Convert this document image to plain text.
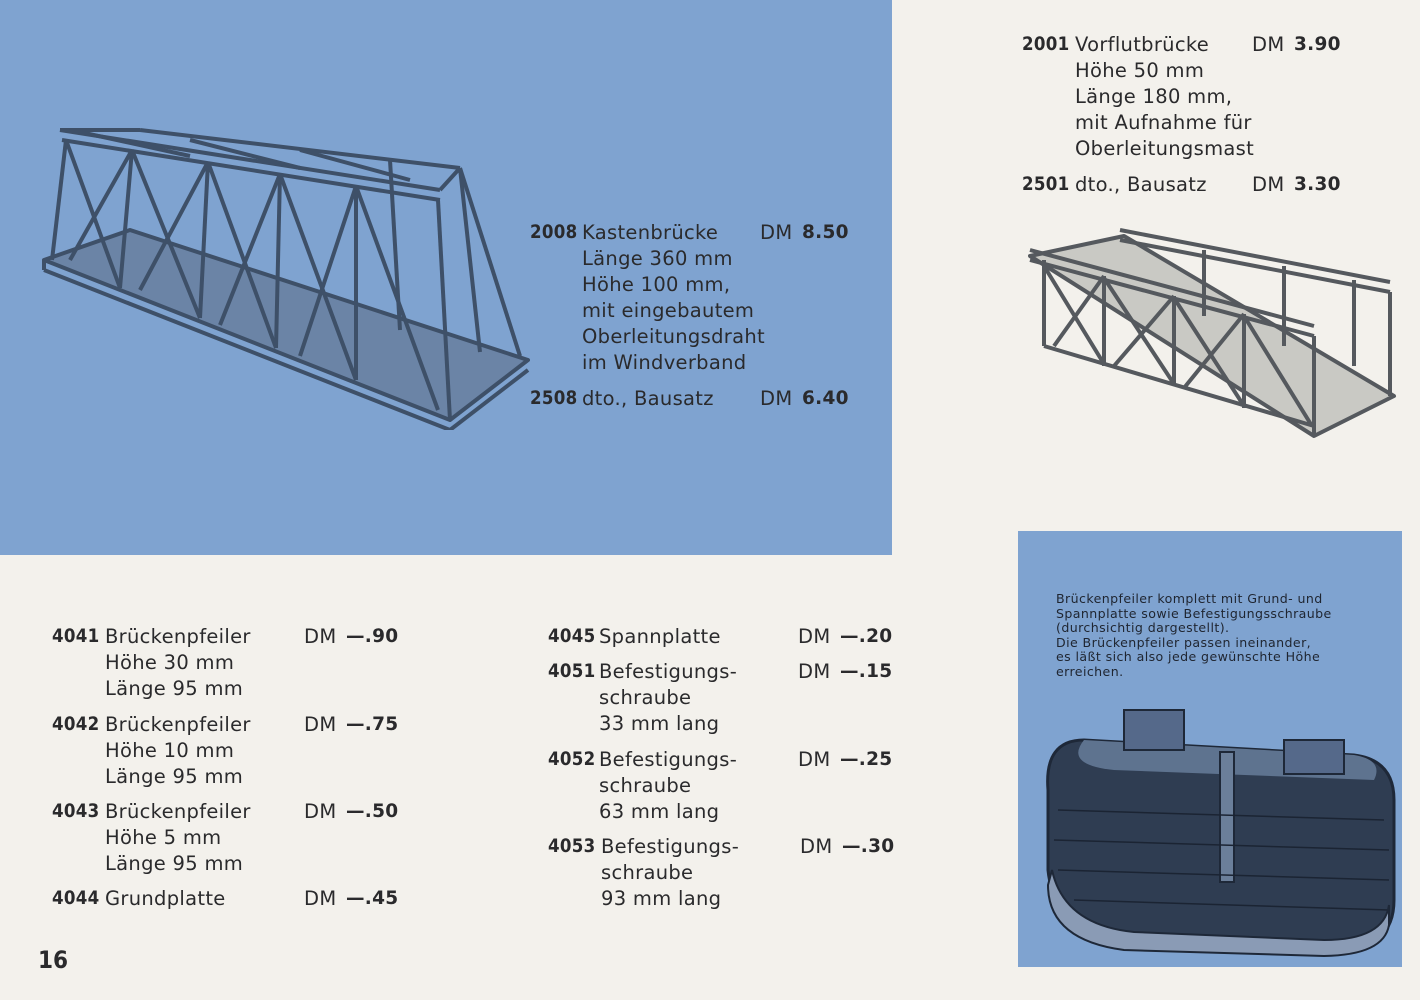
2008 Kastenbrücke DM 8.50
Länge 360 mm
Höhe 100 mm,
mit eingebautem
Oberleitungsdraht
im Windverband
2508 dto., Bausatz DM 6.40
2001 Vorflutbrücke DM 3.90
Höhe 50 mm
Länge 180 mm,
mit Aufnahme für
Oberleitungsmast
2501 dto., Bausatz DM 3.30
4041 Brückenpfeiler	DM —.90
Höhe 30 mm
Länge 95 mm
4042 Brückenpfeiler	DM —.75
Höhe 10 mm
Länge 95 mm
4043 Brückenpfeiler	DM —.50
Höhe 5 mm
Länge 95 mm
4044 Grundplatte	DM —.45
4045 Spannplatte	DM —.20
4051 Befestigungs-	DM —.15
schraube
33 mm lang
4052 Befestigungs-	DM —.25
schraube
63 mm lang
4053 Befestigungs-	DM —.30
schraube
93 mm lang

Brückenpfeiler komplett mit Grund- und

Spannplatte sowie Befestigungsschraube

(durchsichtig dargestellt).

Die Brückenpfeiler passen ineinander,

es läßt sich also jede gewünschte Höhe

erreichen.

16
